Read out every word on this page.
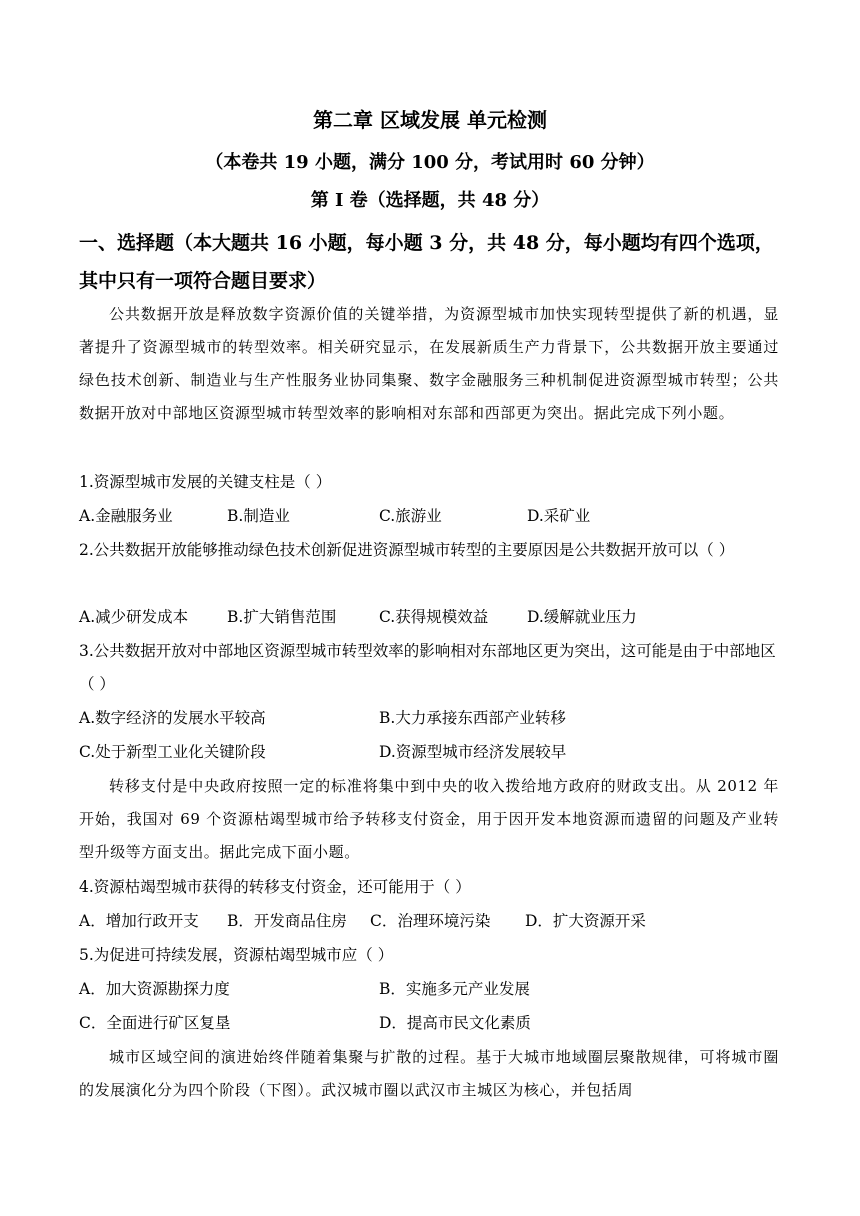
第二章 区域发展 单元检测
（本卷共 19 小题，满分 100 分，考试用时 60 分钟）
第 I 卷（选择题，共 48 分）
一、选择题（本大题共 16 小题，每小题 3 分，共 48 分，每小题均有四个选项，其中只有一项符合题目要求）
公共数据开放是释放数字资源价值的关键举措，为资源型城市加快实现转型提供了新的机遇，显著提升了资源型城市的转型效率。相关研究显示，在发展新质生产力背景下，公共数据开放主要通过绿色技术创新、制造业与生产性服务业协同集聚、数字金融服务三种机制促进资源型城市转型；公共数据开放对中部地区资源型城市转型效率的影响相对东部和西部更为突出。据此完成下列小题。
1.资源型城市发展的关键支柱是（ ）
A.金融服务业	B.制造业	C.旅游业	D.采矿业
2.公共数据开放能够推动绿色技术创新促进资源型城市转型的主要原因是公共数据开放可以（ ）
A.减少研发成本	B.扩大销售范围	C.获得规模效益	D.缓解就业压力
3.公共数据开放对中部地区资源型城市转型效率的影响相对东部地区更为突出，这可能是由于中部地区（ ）
A.数字经济的发展水平较高	B.大力承接东西部产业转移
C.处于新型工业化关键阶段	D.资源型城市经济发展较早
转移支付是中央政府按照一定的标准将集中到中央的收入拨给地方政府的财政支出。从 2012 年开始，我国对 69 个资源枯竭型城市给予转移支付资金，用于因开发本地资源而遗留的问题及产业转型升级等方面支出。据此完成下面小题。
4.资源枯竭型城市获得的转移支付资金，还可能用于（ ）
A．增加行政开支 B．开发商品住房 C．治理环境污染 D．扩大资源开采
5.为促进可持续发展，资源枯竭型城市应（ ）
A．加大资源勘探力度	B．实施多元产业发展
C．全面进行矿区复垦	D．提高市民文化素质
城市区域空间的演进始终伴随着集聚与扩散的过程。基于大城市地域圈层聚散规律，可将城市圈的发展演化分为四个阶段（下图）。武汉城市圈以武汉市主城区为核心，并包括周
